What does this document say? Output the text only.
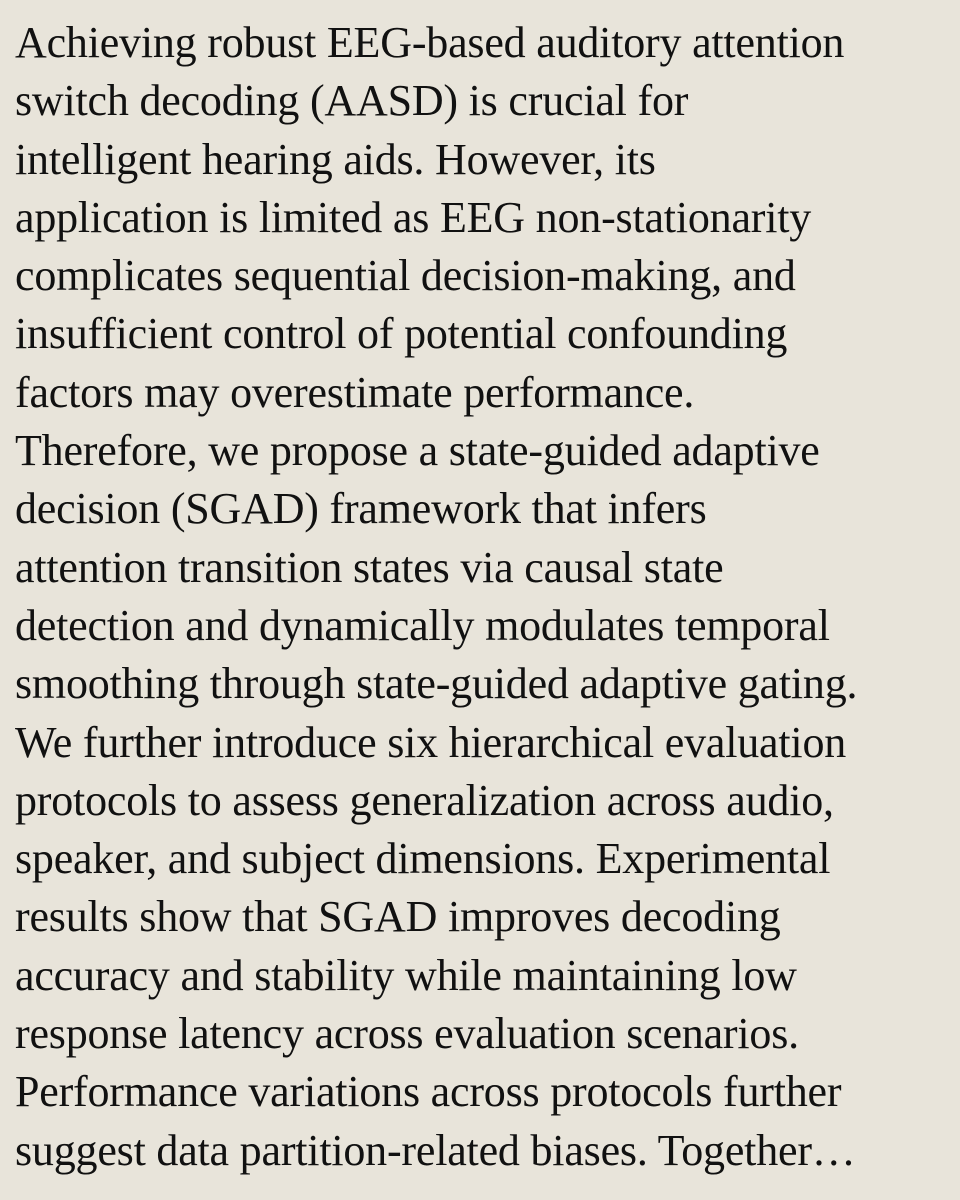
Achieving robust EEG-based auditory attention
switch decoding (AASD) is crucial for
intelligent hearing aids. However, its
application is limited as EEG non-stationarity
complicates sequential decision-making, and
insufficient control of potential confounding
factors may overestimate performance.
Therefore, we propose a state-guided adaptive
decision (SGAD) framework that infers
attention transition states via causal state
detection and dynamically modulates temporal
smoothing through state-guided adaptive gating.
We further introduce six hierarchical evaluation
protocols to assess generalization across audio,
speaker, and subject dimensions. Experimental
results show that SGAD improves decoding
accuracy and stability while maintaining low
response latency across evaluation scenarios.
Performance variations across protocols further
suggest data partition-related biases. Together…
